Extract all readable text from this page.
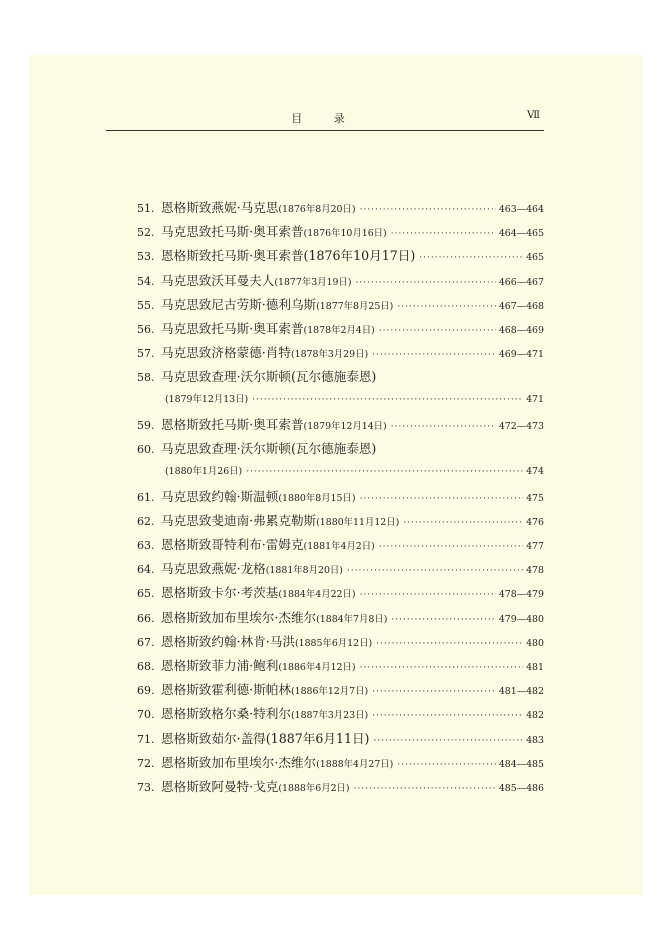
目 录	Ⅶ
51. 恩格斯致燕妮·马克思 (1876年8月20日) ·····	463—464
52. 马克思致托马斯·奥耳索普 (1876年10月16日) ·····	464—465
53. 恩格斯致托马斯·奥耳索普 (1876年10月17日) ·····	465
54. 马克思致沃耳曼夫人 (1877年3月19日) ·····	466—467
55. 马克思致尼古劳斯·德利乌斯 (1877年8月25日) ·····	467—468
56. 马克思致托马斯·奥耳索普 (1878年2月4日) ·····	468—469
57. 马克思致济格蒙德·肖特 (1878年3月29日) ·····	469—471
58. 马克思致查理·沃尔斯顿(瓦尔德施泰恩)
(1879年12月13日) ·····	471
59. 恩格斯致托马斯·奥耳索普 (1879年12月14日) ·····	472—473
60. 马克思致查理·沃尔斯顿(瓦尔德施泰恩)
(1880年1月26日) ·····	474
61. 马克思致约翰·斯温顿 (1880年8月15日) ·····	475
62. 马克思致斐迪南·弗累克勒斯 (1880年11月12日) ·····	476
63. 恩格斯致哥特利布·雷姆克 (1881年4月2日) ·····	477
64. 马克思致燕妮·龙格 (1881年8月20日) ·····	478
65. 恩格斯致卡尔·考茨基 (1884年4月22日) ·····	478—479
66. 恩格斯致加布里埃尔·杰维尔 (1884年7月8日) ·····	479—480
67. 恩格斯致约翰·林肯·马洪 (1885年6月12日) ·····	480
68. 恩格斯致菲力浦·鲍利 (1886年4月12日) ·····	481
69. 恩格斯致霍利德·斯帕林 (1886年12月7日) ·····	481—482
70. 恩格斯致格尔桑·特利尔 (1887年3月23日) ·····	482
71. 恩格斯致茹尔·盖得 (1887年6月11日) ·····	483
72. 恩格斯致加布里埃尔·杰维尔 (1888年4月27日) ·····	484—485
73. 恩格斯致阿曼特·戈克 (1888年6月2日) ·····	485—486
